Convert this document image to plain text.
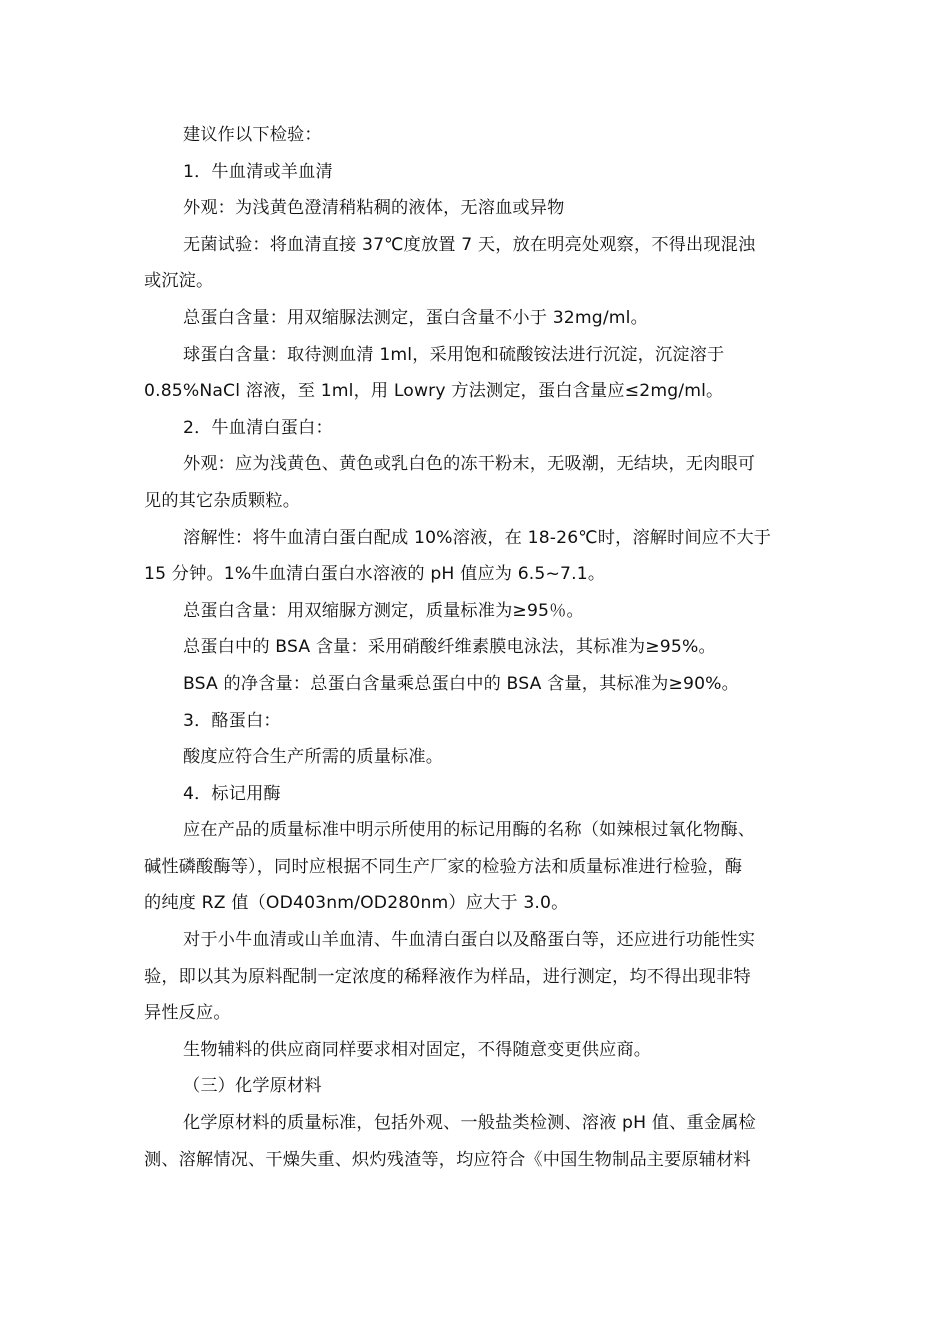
建议作以下检验：

1．牛血清或羊血清

外观：为浅黄色澄清稍粘稠的液体，无溶血或异物

无菌试验：将血清直接 37℃度放置 7 天，放在明亮处观察，不得出现混浊
或沉淀。

总蛋白含量：用双缩脲法测定，蛋白含量不小于 32mg/ml。

球蛋白含量：取待测血清 1ml，采用饱和硫酸铵法进行沉淀，沉淀溶于
0.85%NaCl 溶液，至 1ml，用 Lowry 方法测定，蛋白含量应≤2mg/ml。

2．牛血清白蛋白：

外观：应为浅黄色、黄色或乳白色的冻干粉末，无吸潮，无结块，无肉眼可
见的其它杂质颗粒。

溶解性：将牛血清白蛋白配成 10%溶液，在 18-26℃时，溶解时间应不大于
15 分钟。1%牛血清白蛋白水溶液的 pH 值应为 6.5~7.1。

总蛋白含量：用双缩脲方测定，质量标准为≥95％。

总蛋白中的 BSA 含量：采用硝酸纤维素膜电泳法，其标准为≥95%。

BSA 的净含量：总蛋白含量乘总蛋白中的 BSA 含量，其标准为≥90%。

3．酪蛋白：

酸度应符合生产所需的质量标准。

4．标记用酶

应在产品的质量标准中明示所使用的标记用酶的名称（如辣根过氧化物酶、
碱性磷酸酶等），同时应根据不同生产厂家的检验方法和质量标准进行检验，酶
的纯度 RZ 值（OD403nm/OD280nm）应大于 3.0。

对于小牛血清或山羊血清、牛血清白蛋白以及酪蛋白等，还应进行功能性实
验，即以其为原料配制一定浓度的稀释液作为样品，进行测定，均不得出现非特
异性反应。

生物辅料的供应商同样要求相对固定，不得随意变更供应商。

（三）化学原材料

化学原材料的质量标准，包括外观、一般盐类检测、溶液 pH 值、重金属检
测、溶解情况、干燥失重、炽灼残渣等，均应符合《中国生物制品主要原辅材料
